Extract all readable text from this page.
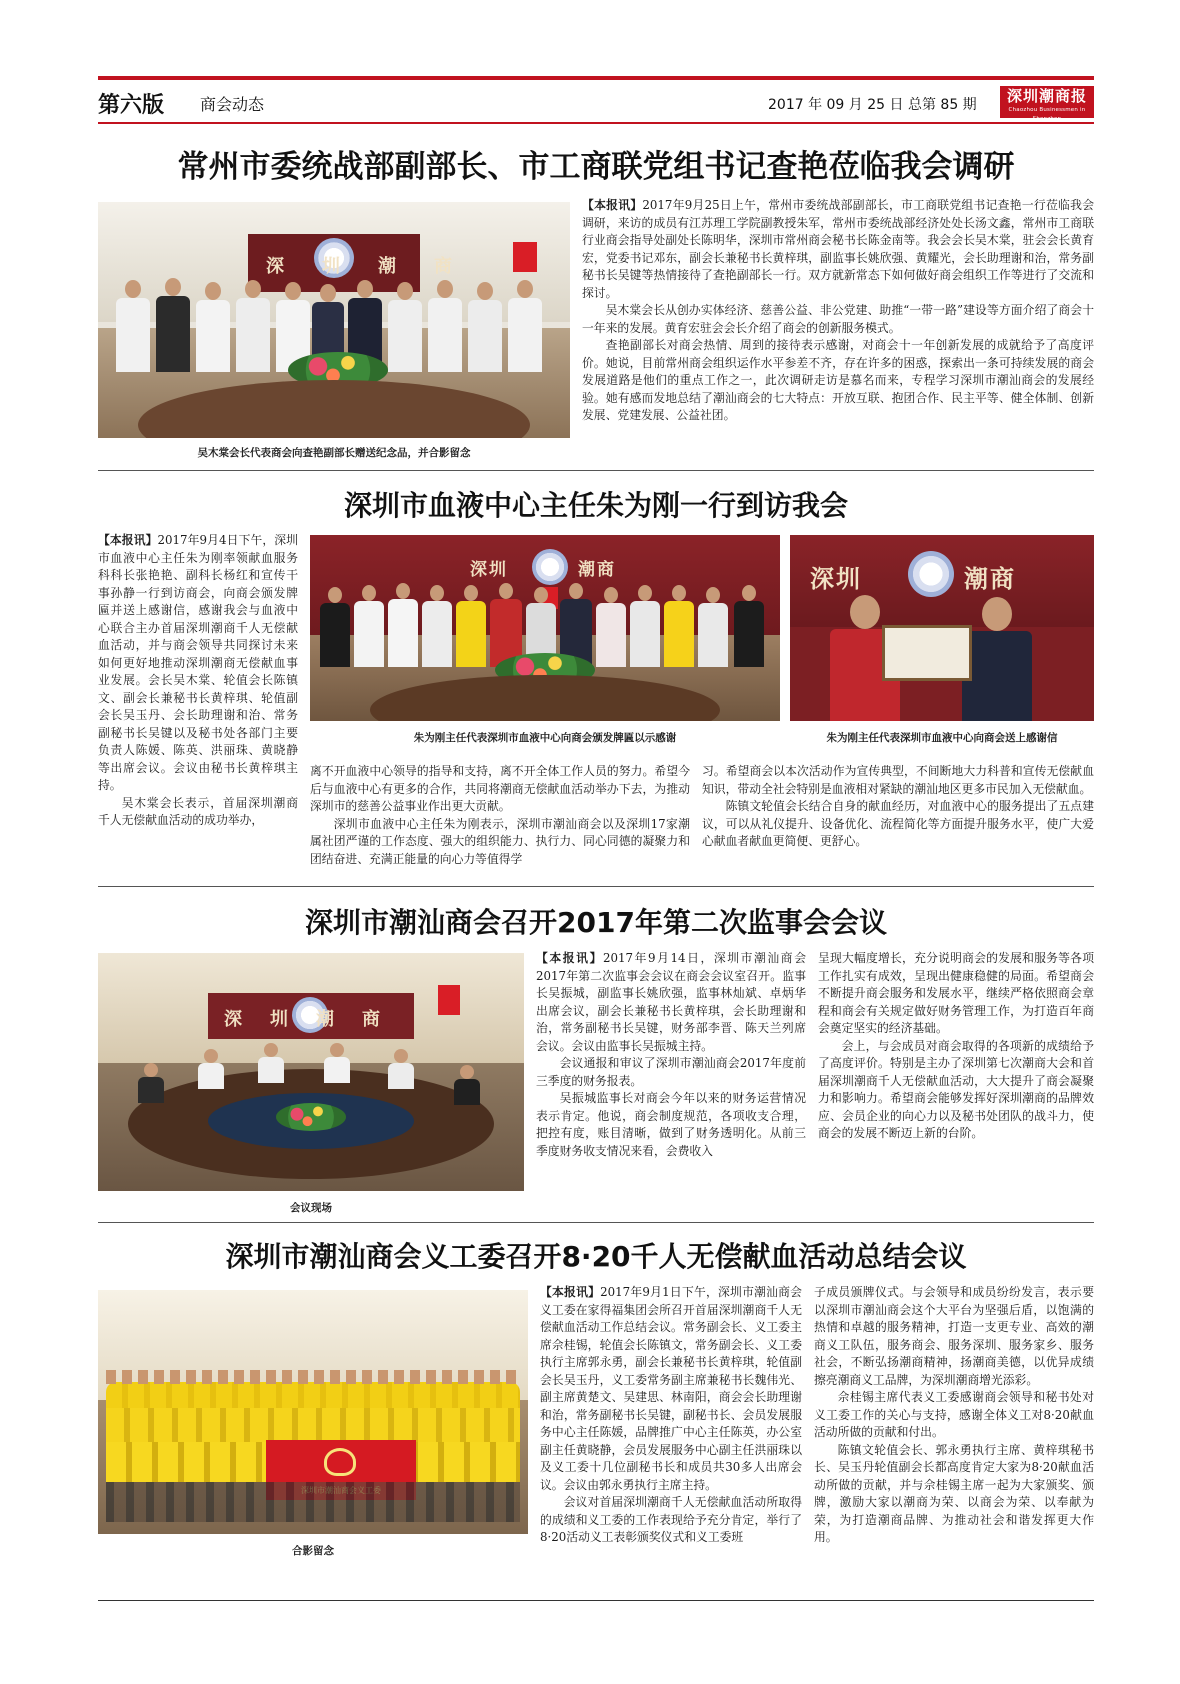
第六版 商会动态	2017 年 09 月 25 日 总第 85 期	深圳潮商报
Chaozhou Businessmen in Shenzhen
常州市委统战部副部长、市工商联党组书记查艳莅临我会调研
深圳潮商
吴木棠会长代表商会向查艳副部长赠送纪念品，并合影留念

【本报讯】2017年9月25日上午，常州市委统战部副部长，市工商联党组书记查艳一行莅临我会调研，来访的成员有江苏理工学院副教授朱军，常州市委统战部经济处处长汤文鑫，常州市工商联行业商会指导处副处长陈明华，深圳市常州商会秘书长陈金南等。我会会长吴木棠，驻会会长黄育宏，党委书记邓东，副会长兼秘书长黄梓琪，副监事长姚欣强、黄耀光，会长助理谢和治，常务副秘书长吴键等热情接待了查艳副部长一行。双方就新常态下如何做好商会组织工作等进行了交流和探讨。

吴木棠会长从创办实体经济、慈善公益、非公党建、助推“一带一路”建设等方面介绍了商会十一年来的发展。黄育宏驻会会长介绍了商会的创新服务模式。

查艳副部长对商会热情、周到的接待表示感谢，对商会十一年创新发展的成就给予了高度评价。她说，目前常州商会组织运作水平参差不齐，存在许多的困惑，探索出一条可持续发展的商会发展道路是他们的重点工作之一，此次调研走访是慕名而来，专程学习深圳市潮汕商会的发展经验。她有感而发地总结了潮汕商会的七大特点：开放互联、抱团合作、民主平等、健全体制、创新发展、党建发展、公益社团。

深圳市血液中心主任朱为刚一行到访我会

【本报讯】2017年9月4日下午，深圳市血液中心主任朱为刚率领献血服务科科长张艳艳、副科长杨红和宣传干事孙静一行到访商会，向商会颁发牌匾并送上感谢信，感谢我会与血液中心联合主办首届深圳潮商千人无偿献血活动，并与商会领导共同探讨未来如何更好地推动深圳潮商无偿献血事业发展。会长吴木棠、轮值会长陈镇文、副会长兼秘书长黄梓琪、轮值副会长吴玉丹、会长助理谢和治、常务副秘书长吴键以及秘书处各部门主要负责人陈媛、陈英、洪丽珠、黄晓静等出席会议。会议由秘书长黄梓琪主持。

吴木棠会长表示，首届深圳潮商千人无偿献血活动的成功举办，

深圳	潮商
朱为刚主任代表深圳市血液中心向商会颁发牌匾以示感谢
深圳	潮商
朱为刚主任代表深圳市血液中心向商会送上感谢信

离不开血液中心领导的指导和支持，离不开全体工作人员的努力。希望今后与血液中心有更多的合作，共同将潮商无偿献血活动举办下去，为推动深圳市的慈善公益事业作出更大贡献。

深圳市血液中心主任朱为刚表示，深圳市潮汕商会以及深圳17家潮属社团严谨的工作态度、强大的组织能力、执行力、同心同德的凝聚力和团结奋进、充满正能量的向心力等值得学

习。希望商会以本次活动作为宣传典型，不间断地大力科普和宣传无偿献血知识，带动全社会特别是血液相对紧缺的潮汕地区更多市民加入无偿献血。

陈镇文轮值会长结合自身的献血经历，对血液中心的服务提出了五点建议，可以从礼仪提升、设备优化、流程简化等方面提升服务水平，使广大爱心献血者献血更简便、更舒心。

深圳市潮汕商会召开2017年第二次监事会会议
深圳潮商
会议现场

【本报讯】2017年9月14日，深圳市潮汕商会2017年第二次监事会会议在商会会议室召开。监事长吴振城，副监事长姚欣强，监事林灿斌、卓炳华出席会议，副会长兼秘书长黄梓琪，会长助理谢和治，常务副秘书长吴键，财务部李晋、陈天兰列席会议。会议由监事长吴振城主持。

会议通报和审议了深圳市潮汕商会2017年度前三季度的财务报表。

吴振城监事长对商会今年以来的财务运营情况表示肯定。他说，商会制度规范，各项收支合理，把控有度，账目清晰，做到了财务透明化。从前三季度财务收支情况来看，会费收入

呈现大幅度增长，充分说明商会的发展和服务等各项工作扎实有成效，呈现出健康稳健的局面。希望商会不断提升商会服务和发展水平，继续严格依照商会章程和商会有关规定做好财务管理工作，为打造百年商会奠定坚实的经济基础。

会上，与会成员对商会取得的各项新的成绩给予了高度评价。特别是主办了深圳第七次潮商大会和首届深圳潮商千人无偿献血活动，大大提升了商会凝聚力和影响力。希望商会能够发挥好深圳潮商的品牌效应、会员企业的向心力以及秘书处团队的战斗力，使商会的发展不断迈上新的台阶。

深圳市潮汕商会义工委召开8·20千人无偿献血活动总结会议
合影留念

【本报讯】2017年9月1日下午，深圳市潮汕商会义工委在家得福集团会所召开首届深圳潮商千人无偿献血活动工作总结会议。常务副会长、义工委主席佘桂锡，轮值会长陈镇文，常务副会长、义工委执行主席郭永勇，副会长兼秘书长黄梓琪，轮值副会长吴玉丹，义工委常务副主席兼秘书长魏伟光、副主席黄楚文、吴建思、林南阳，商会会长助理谢和治，常务副秘书长吴键，副秘书长、会员发展服务中心主任陈媛，品牌推广中心主任陈英，办公室副主任黄晓静，会员发展服务中心副主任洪丽珠以及义工委十几位副秘书长和成员共30多人出席会议。会议由郭永勇执行主席主持。

会议对首届深圳潮商千人无偿献血活动所取得的成绩和义工委的工作表现给予充分肯定，举行了8·20活动义工表彰颁奖仪式和义工委班

子成员颁牌仪式。与会领导和成员纷纷发言，表示要以深圳市潮汕商会这个大平台为坚强后盾，以饱满的热情和卓越的服务精神，打造一支更专业、高效的潮商义工队伍，服务商会、服务深圳、服务家乡、服务社会，不断弘扬潮商精神，扬潮商美德，以优异成绩擦亮潮商义工品牌，为深圳潮商增光添彩。

佘桂锡主席代表义工委感谢商会领导和秘书处对义工委工作的关心与支持，感谢全体义工对8·20献血活动所做的贡献和付出。

陈镇文轮值会长、郭永勇执行主席、黄梓琪秘书长、吴玉丹轮值副会长都高度肯定大家为8·20献血活动所做的贡献，并与佘桂锡主席一起为大家颁奖、颁牌，激励大家以潮商为荣、以商会为荣、以奉献为荣，为打造潮商品牌、为推动社会和谐发挥更大作用。
